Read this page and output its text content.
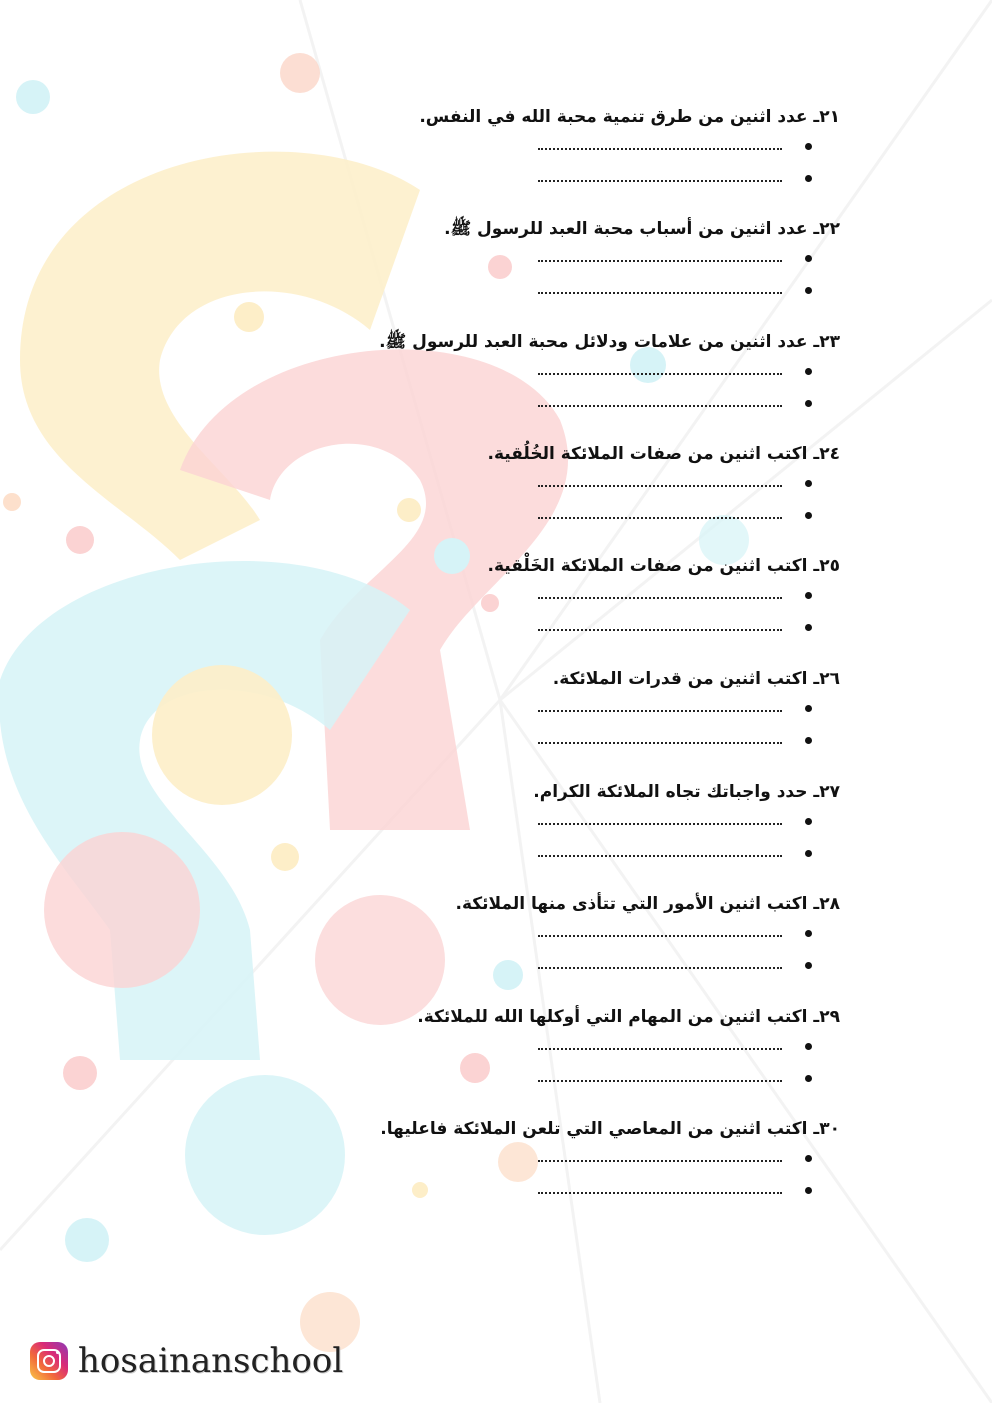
٢١ـ عدد اثنين من طرق تنمية محبة الله في النفس.
٢٢ـ عدد اثنين من أسباب محبة العبد للرسول ﷺ.
٢٣ـ عدد اثنين من علامات ودلائل محبة العبد للرسول ﷺ.
٢٤ـ اكتب اثنين من صفات الملائكة الخُلُقية.
٢٥ـ اكتب اثنين من صفات الملائكة الخَلْقية.
٢٦ـ اكتب اثنين من قدرات الملائكة.
٢٧ـ حدد واجباتك تجاه الملائكة الكرام.
٢٨ـ اكتب اثنين الأمور التي تتأذى منها الملائكة.
٢٩ـ اكتب اثنين من المهام التي أوكلها الله للملائكة.
٣٠ـ اكتب اثنين من المعاصي التي تلعن الملائكة فاعليها.
hosainanschool
